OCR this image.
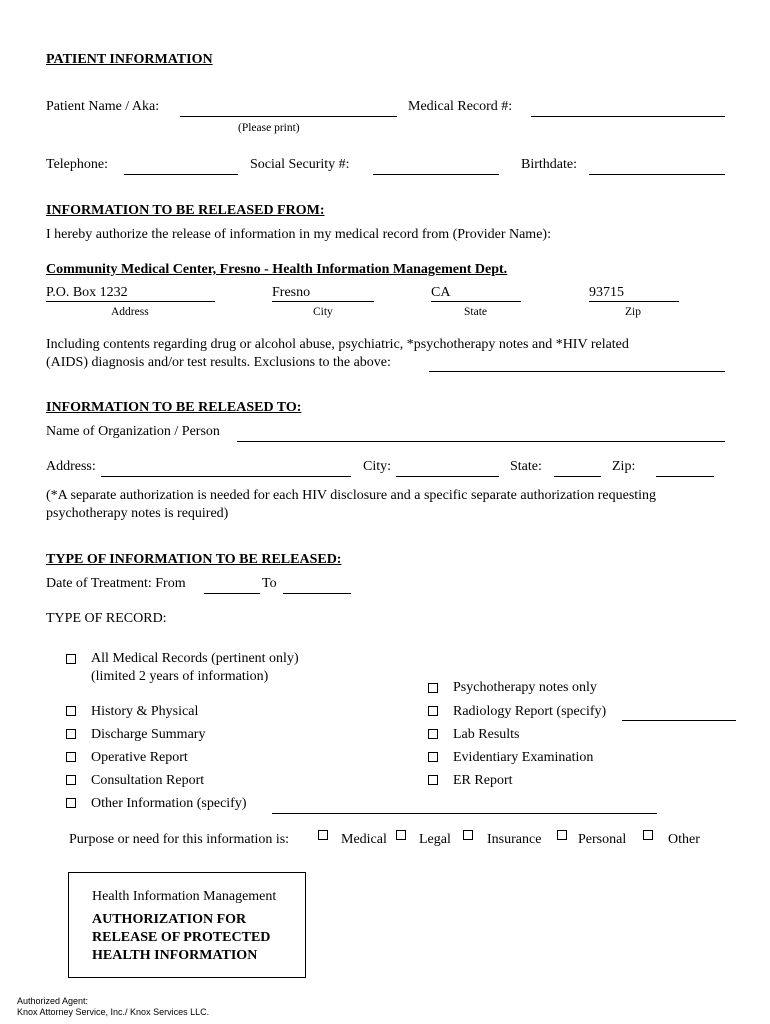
PATIENT INFORMATION
Patient Name / Aka:
(Please print)
Medical Record #:
Telephone:	Social Security #:	Birthdate:
INFORMATION TO BE RELEASED FROM:
I hereby authorize the release of information in my medical record from (Provider Name):
Community Medical Center, Fresno - Health Information Management Dept.
P.O. Box 1232	Fresno	CA	93715
Address	City	State	Zip
Including contents regarding drug or alcohol abuse, psychiatric, *psychotherapy notes and *HIV related
(AIDS) diagnosis and/or test results. Exclusions to the above:
INFORMATION TO BE RELEASED TO:
Name of Organization / Person
Address:	City:	State:	Zip:
(*A separate authorization is needed for each HIV disclosure and a specific separate authorization requesting
psychotherapy notes is required)
TYPE OF INFORMATION TO BE RELEASED:
Date of Treatment: From	To
TYPE OF RECORD:
All Medical Records (pertinent only)
(limited 2 years of information)
History & Physical
Discharge Summary
Operative Report
Consultation Report
Other Information (specify)
Psychotherapy notes only
Radiology Report (specify)
Lab Results
Evidentiary Examination
ER Report
Purpose or need for this information is:	Medical Legal	Insurance	Personal	Other
Health Information Management
AUTHORIZATION FOR
RELEASE OF PROTECTED
HEALTH INFORMATION
Authorized Agent:
Knox Attorney Service, Inc./ Knox Services LLC.
